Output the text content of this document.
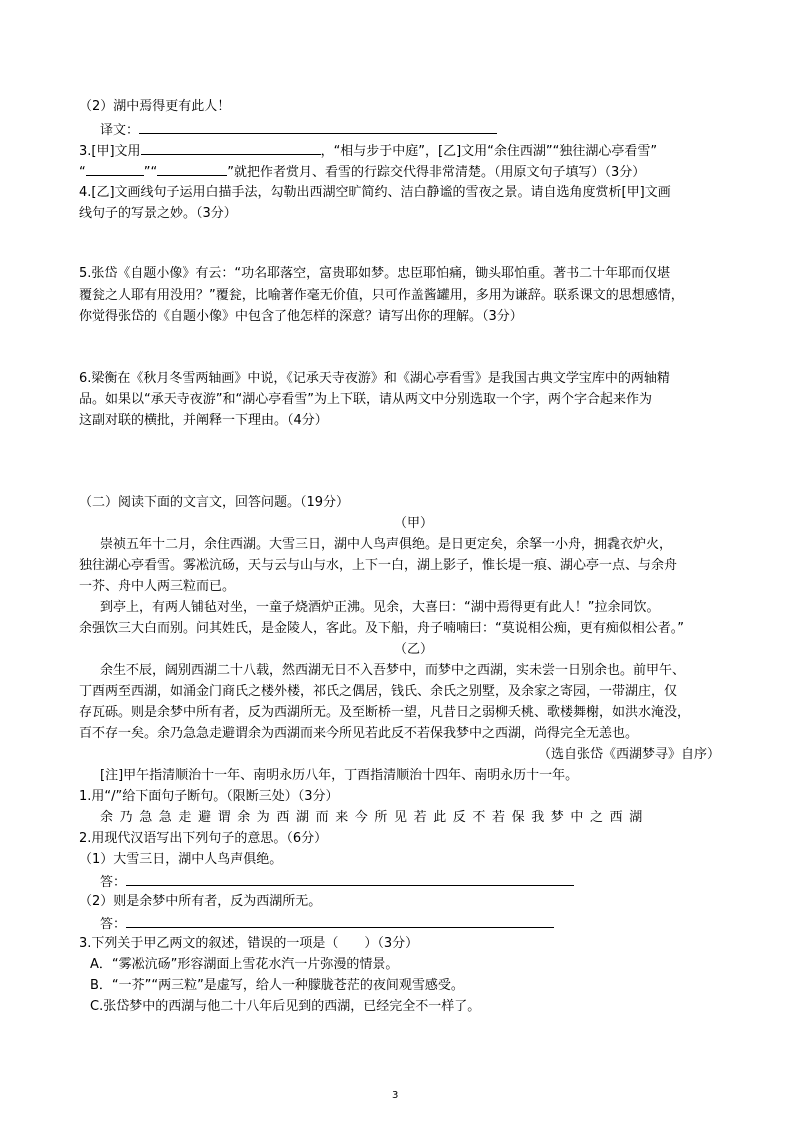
（2）湖中焉得更有此人！
译文：
3.[甲]文用	，“相与步于中庭”，[乙]文用“余住西湖”“独往湖心亭看雪”
“	”“	”就把作者赏月、看雪的行踪交代得非常清楚。（用原文句子填写）（3分）
4.[乙]文画线句子运用白描手法，勾勒出西湖空旷简约、洁白静谧的雪夜之景。请自选角度赏析[甲]文画
线句子的写景之妙。（3分）
5.张岱《自题小像》有云：“功名耶落空，富贵耶如梦。忠臣耶怕痛，锄头耶怕重。著书二十年耶而仅堪
覆瓮之人耶有用没用？”覆瓮，比喻著作毫无价值，只可作盖酱罐用，多用为谦辞。联系课文的思想感情，
你觉得张岱的《自题小像》中包含了他怎样的深意？请写出你的理解。（3分）
6.梁衡在《秋月冬雪两轴画》中说，《记承天寺夜游》和《湖心亭看雪》是我国古典文学宝库中的两轴精
品。如果以“承天寺夜游”和“湖心亭看雪”为上下联，请从两文中分别选取一个字，两个字合起来作为
这副对联的横批，并阐释一下理由。（4分）
（二）阅读下面的文言文，回答问题。（19分）
（甲）
崇祯五年十二月，余住西湖。大雪三日，湖中人鸟声俱绝。是日更定矣，余拏一小舟，拥毳衣炉火，
独往湖心亭看雪。雾凇沆砀，天与云与山与水，上下一白，湖上影子，惟长堤一痕、湖心亭一点、与余舟
一芥、舟中人两三粒而已。
到亭上，有两人铺毡对坐，一童子烧酒炉正沸。见余，大喜曰：“湖中焉得更有此人！”拉余同饮。
余强饮三大白而别。问其姓氏，是金陵人，客此。及下船，舟子喃喃曰：“莫说相公痴，更有痴似相公者。”
（乙）
余生不辰，阔别西湖二十八载，然西湖无日不入吾梦中，而梦中之西湖，实未尝一日别余也。前甲午、
丁酉两至西湖，如涌金门商氏之楼外楼，祁氏之偶居，钱氏、余氏之别墅，及余家之寄园，一带湖庄，仅
存瓦砾。则是余梦中所有者，反为西湖所无。及至断桥一望，凡昔日之弱柳夭桃、歌楼舞榭，如洪水淹没，
百不存一矣。余乃急急走避谓余为西湖而来今所见若此反不若保我梦中之西湖，尚得完全无恙也。
（选自张岱《西湖梦寻》自序）
[注]甲午指清顺治十一年、南明永历八年，丁酉指清顺治十四年、南明永历十一年。
1.用“/”给下面句子断句。（限断三处）（3分）
余乃急急走避谓余为西湖而来今所见若此反不若保我梦中之西湖
2.用现代汉语写出下列句子的意思。（6分）
（1）大雪三日，湖中人鸟声俱绝。
答：
（2）则是余梦中所有者，反为西湖所无。
答：
3.下列关于甲乙两文的叙述，错误的一项是（　　）（3分）
A．“雾凇沆砀”形容湖面上雪花水汽一片弥漫的情景。
B．“一芥”“两三粒”是虚写，给人一种朦胧苍茫的夜间观雪感受。
C.张岱梦中的西湖与他二十八年后见到的西湖，已经完全不一样了。
3
